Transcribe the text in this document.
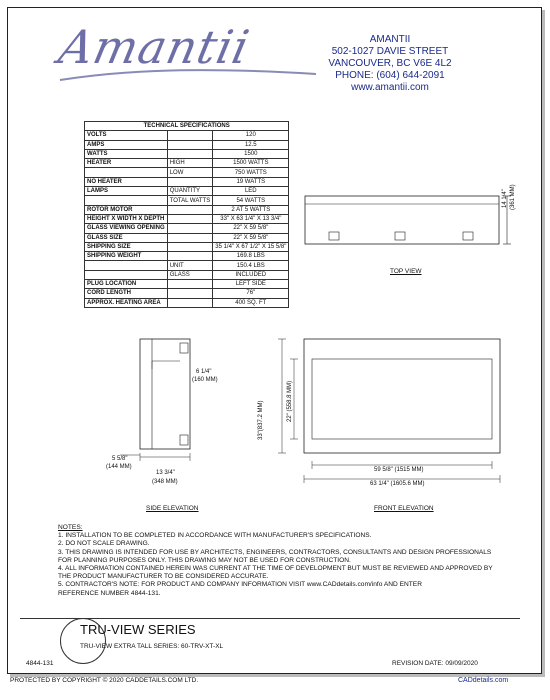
Amantii	AMANTII
502-1027 DAVIE STREET
VANCOUVER, BC V6E 4L2
PHONE: (604) 644-2091
www.amantii.com
TECHNICAL SPECIFICATIONS		
VOLTS		120
AMPS		12.5
WATTS		1500
HEATER	HIGH	1500 WATTS
	LOW	750 WATTS
NO HEATER		19 WATTS
LAMPS	QUANTITY	LED
	TOTAL WATTS	54 WATTS
ROTOR MOTOR		2 AT 5 WATTS
HEIGHT X WIDTH X DEPTH		33" X 63 1/4" X 13 3/4"
GLASS VIEWING OPENING		22" X 59 5/8"
GLASS SIZE		22" X 59 5/8"
SHIPPING SIZE		35 1/4" X 67 1/2" X 15 5/8"
SHIPPING WEIGHT		169.8 LBS
	UNIT	150.4 LBS
	GLASS	INCLUDED
PLUG LOCATION		LEFT SIDE
CORD LENGTH		76"
APPROX. HEATING AREA		400 SQ. FT
14 1/4" (361 MM)
TOP VIEW
6 1/4"
(160 MM)
5 5/8"
(144 MM)
13 3/4"
(348 MM)
SIDE ELEVATION
33"(837.2 MM)	22" (558.8 MM)
59 5/8" (1515 MM)
63 1/4" (1605.6 MM)
FRONT ELEVATION
NOTES:
1. INSTALLATION TO BE COMPLETED IN ACCORDANCE WITH MANUFACTURER'S SPECIFICATIONS.
2. DO NOT SCALE DRAWING.
3. THIS DRAWING IS INTENDED FOR USE BY ARCHITECTS, ENGINEERS, CONTRACTORS, CONSULTANTS AND DESIGN PROFESSIONALS
FOR PLANNING PURPOSES ONLY. THIS DRAWING MAY NOT BE USED FOR CONSTRUCTION.
4. ALL INFORMATION CONTAINED HEREIN WAS CURRENT AT THE TIME OF DEVELOPMENT BUT MUST BE REVIEWED AND APPROVED BY
THE PRODUCT MANUFACTURER TO BE CONSIDERED ACCURATE.
5. CONTRACTOR'S NOTE: FOR PRODUCT AND COMPANY INFORMATION VISIT www.CADdetails.com/info AND ENTER
REFERENCE NUMBER 4844-131.
TRU-VIEW SERIES
TRU-VIEW EXTRA TALL SERIES: 60-TRV-XT-XL
4844-131	REVISION DATE: 09/09/2020
PROTECTED BY COPYRIGHT © 2020 CADDETAILS.COM LTD.	CADdetails.com
